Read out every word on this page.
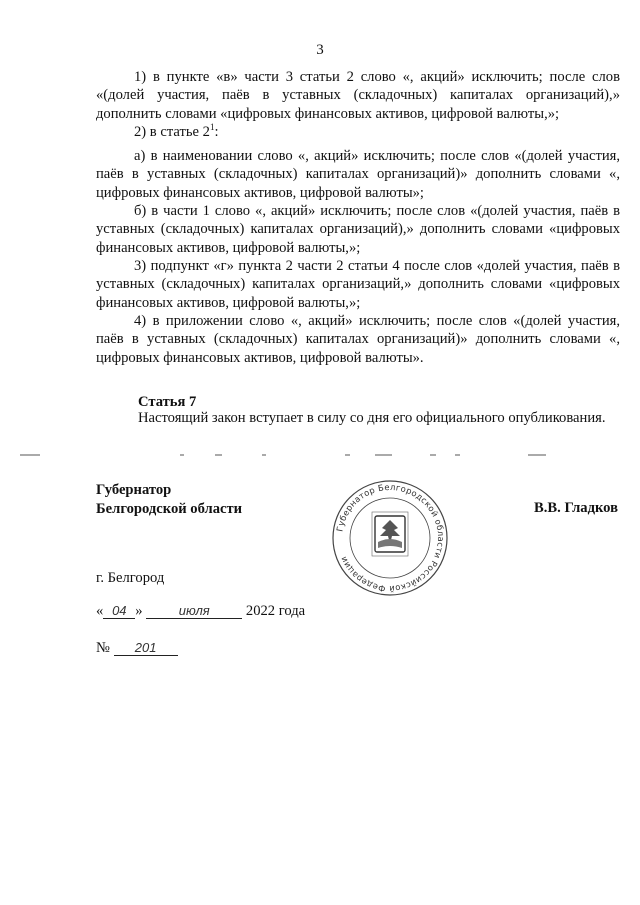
3

1) в пункте «в» части 3 статьи 2 слово «, акций» исключить; после слов «(долей участия, паёв в уставных (складочных) капиталах организаций),» дополнить словами «цифровых финансовых активов, цифровой валюты,»;

2) в статье $2^1$:

а) в наименовании слово «, акций» исключить; после слов «(долей участия, паёв в уставных (складочных) капиталах организаций)» дополнить словами «, цифровых финансовых активов, цифровой валюты»;

б) в части 1 слово «, акций» исключить; после слов «(долей участия, паёв в уставных (складочных) капиталах организаций),» дополнить словами «цифровых финансовых активов, цифровой валюты,»;

3) подпункт «г» пункта 2 части 2 статьи 4 после слов «долей участия, паёв в уставных (складочных) капиталах организаций,» дополнить словами «цифровых финансовых активов, цифровой валюты,»;

4) в приложении слово «, акций» исключить; после слов «(долей участия, паёв в уставных (складочных) капиталах организаций)» дополнить словами «, цифровых финансовых активов, цифровой валюты».

Статья 7
Настоящий закон вступает в силу со дня его официального опубликования.
Губернатор
Белгородской области	В.В. Гладков
Губернатор Белгородской области Российской Федерации
г. Белгород
« 04 »	июля 2022 года
№ 201
